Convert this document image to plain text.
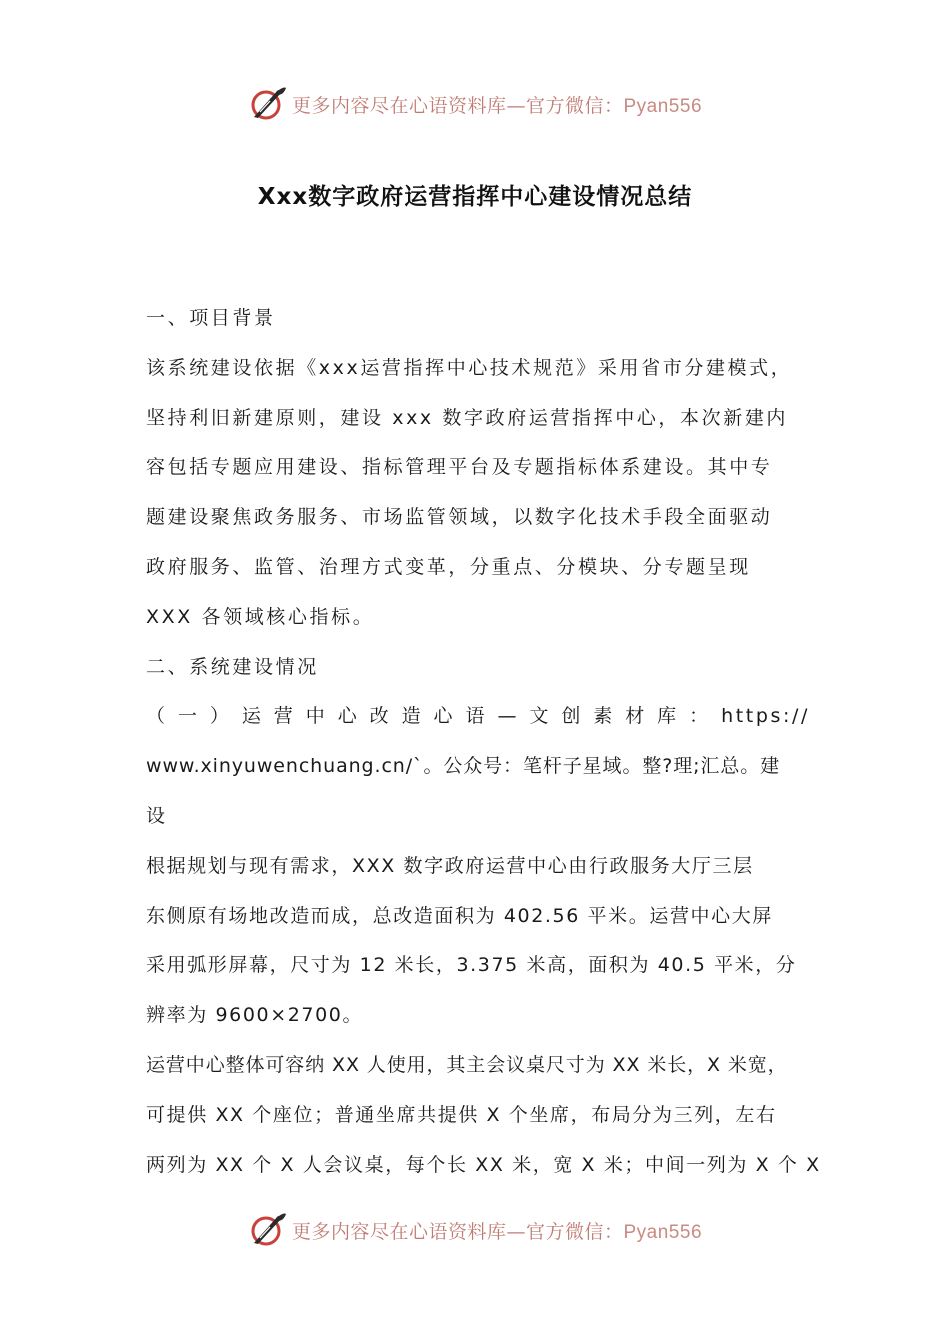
更多内容尽在心语资料库—官方微信：Pyan556
Xxx数字政府运营指挥中心建设情况总结
一、项目背景
该系统建设依据《xxx运营指挥中心技术规范》采用省市分建模式，
坚持利旧新建原则，建设 xxx 数字政府运营指挥中心，本次新建内
容包括专题应用建设、指标管理平台及专题指标体系建设。其中专
题建设聚焦政务服务、市场监管领域，以数字化技术手段全面驱动
政府服务、监管、治理方式变革，分重点、分模块、分专题呈现
XXX 各领域核心指标。
二、系统建设情况
（一）运营中心改造心语—文创素材库：https://
www.xinyuwenchuang.cn/`。公众号：笔杆子星域。整?理;汇总。建
设
根据规划与现有需求，XXX 数字政府运营中心由行政服务大厅三层
东侧原有场地改造而成，总改造面积为 402.56 平米。运营中心大屏
采用弧形屏幕，尺寸为 12 米长，3.375 米高，面积为 40.5 平米，分
辨率为 9600×2700。
运营中心整体可容纳 XX 人使用，其主会议桌尺寸为 XX 米长，X 米宽，
可提供 XX 个座位；普通坐席共提供 X 个坐席，布局分为三列，左右
两列为 XX 个 X 人会议桌，每个长 XX 米，宽 X 米；中间一列为 X 个 X
更多内容尽在心语资料库—官方微信：Pyan556
